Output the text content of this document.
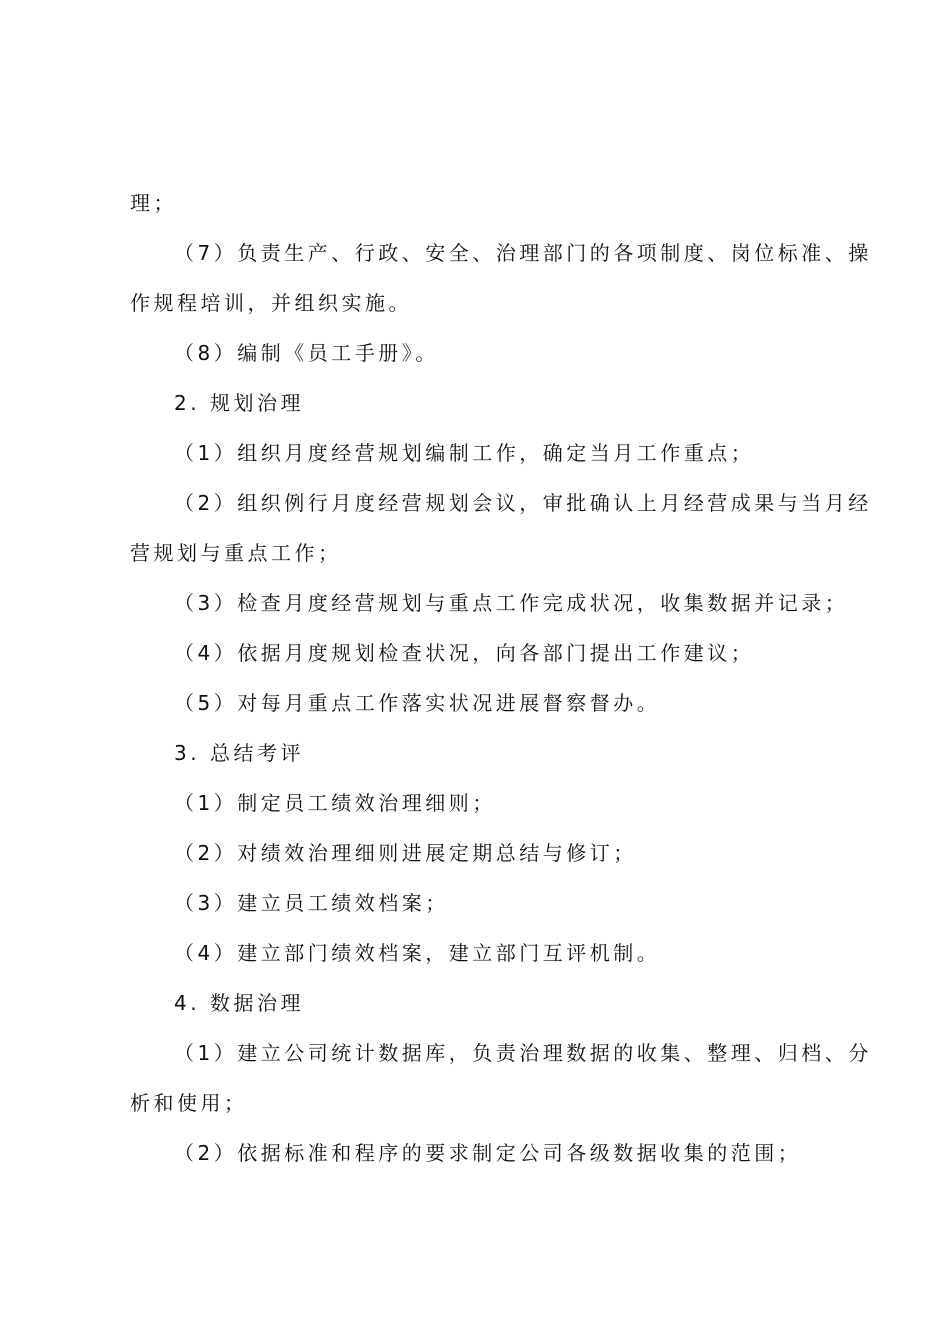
理；
（7）负责生产、行政、安全、治理部门的各项制度、岗位标准、操
作规程培训，并组织实施。
（8）编制《员工手册》。
2. 规划治理
（1）组织月度经营规划编制工作，确定当月工作重点；
（2）组织例行月度经营规划会议，审批确认上月经营成果与当月经
营规划与重点工作；
（3）检查月度经营规划与重点工作完成状况，收集数据并记录；
（4）依据月度规划检查状况，向各部门提出工作建议；
（5）对每月重点工作落实状况进展督察督办。
3. 总结考评
（1）制定员工绩效治理细则；
（2）对绩效治理细则进展定期总结与修订；
（3）建立员工绩效档案；
（4）建立部门绩效档案，建立部门互评机制。
4. 数据治理
（1）建立公司统计数据库，负责治理数据的收集、整理、归档、分
析和使用；
（2）依据标准和程序的要求制定公司各级数据收集的范围；
